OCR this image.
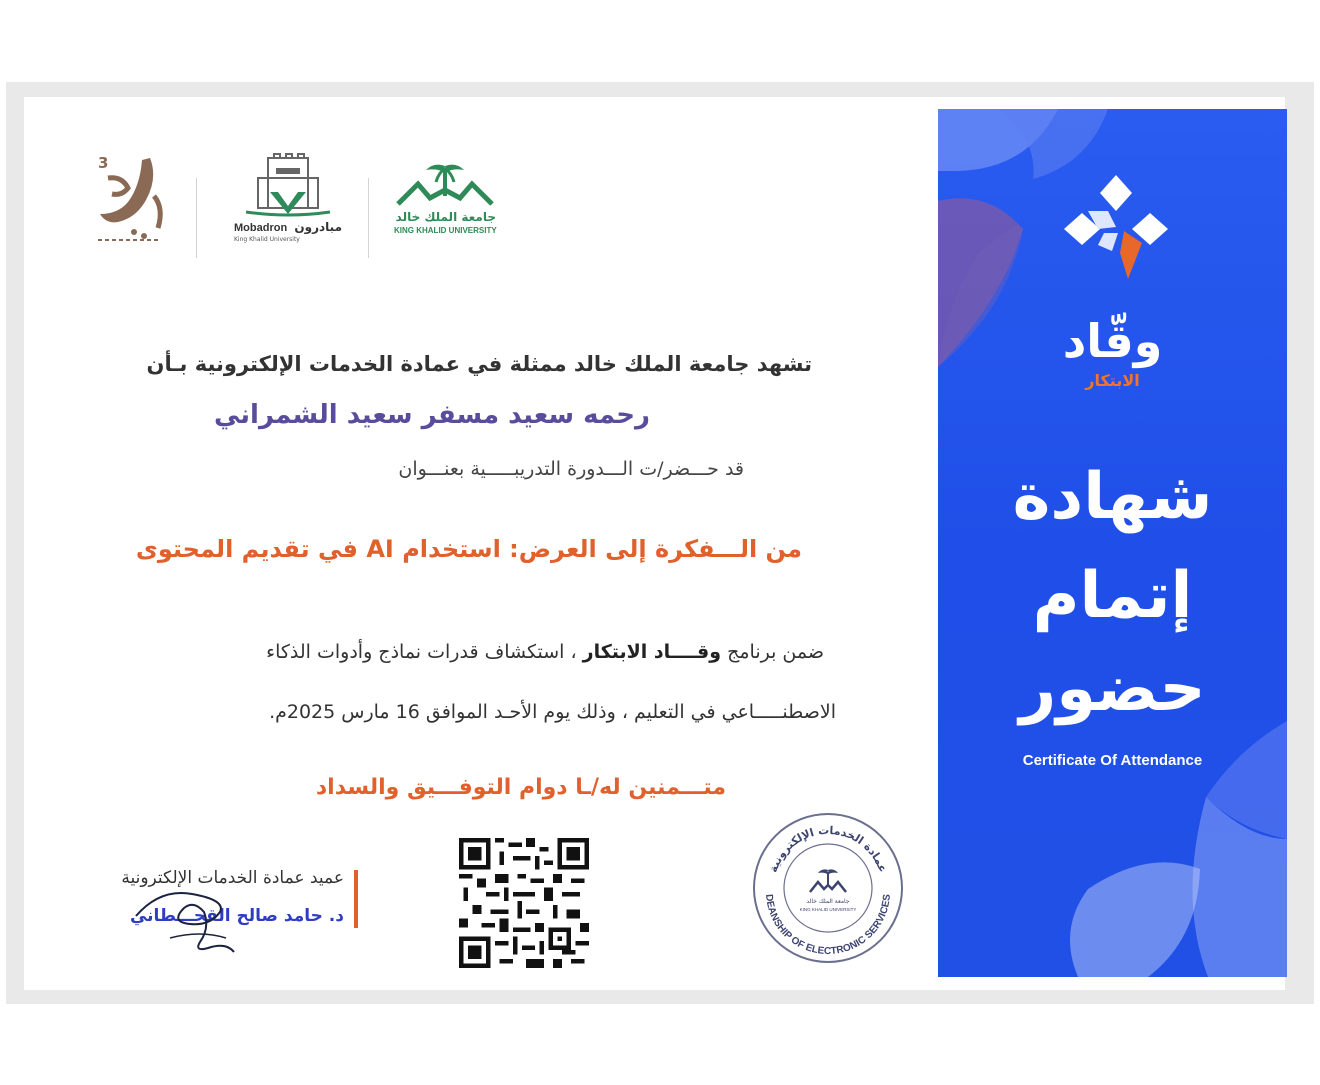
وقّاد
الابتكار
شهادة
إتمام
حضور
Certificate Of Attendance
3
Mobadron مبادرون
King Khalid University
جامعة الملك خالد
KING KHALID UNIVERSITY
تشهد جامعة الملك خالد ممثلة في عمادة الخدمات الإلكترونية بـأن
رحمه سعيد مسفر سعيد الشمراني
قد حـــضر/ت الـــدورة التدريبـــــية بعنـــوان
من الـــفكرة إلى العرض: استخدام AI في تقديم المحتوى
ضمن برنامج وقــــاد الابتكار ، استكشاف قدرات نماذج وأدوات الذكاء
الاصطنـــــاعي في التعليم ، وذلك يوم الأحـد الموافق 16 مارس 2025م.
متـــمنين له/ـا دوام التوفـــيق والسداد
عميد عمادة الخدمات الإلكترونية
د. حامد صالح القحـــطاني
عمادة الخدمات الإلكترونية
DEANSHIP OF ELECTRONIC SERVICES
جامعة الملك خالد
KING KHALID UNIVERSITY
